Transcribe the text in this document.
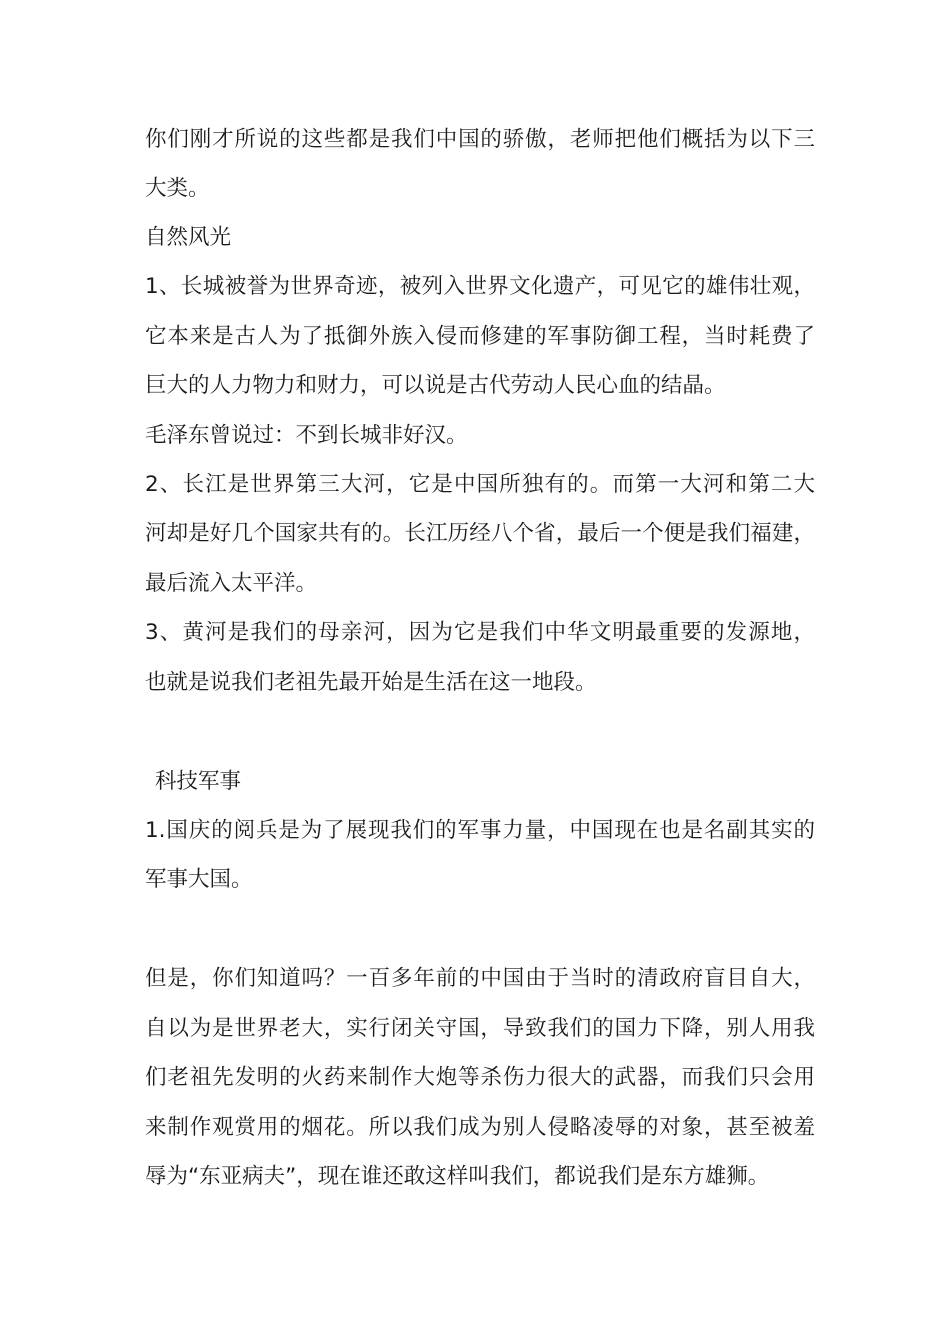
你们刚才所说的这些都是我们中国的骄傲，老师把他们概括为以下三
大类。
自然风光
1、长城被誉为世界奇迹，被列入世界文化遗产，可见它的雄伟壮观，
它本来是古人为了抵御外族入侵而修建的军事防御工程，当时耗费了
巨大的人力物力和财力，可以说是古代劳动人民心血的结晶。
毛泽东曾说过：不到长城非好汉。
2、长江是世界第三大河，它是中国所独有的。而第一大河和第二大
河却是好几个国家共有的。长江历经八个省，最后一个便是我们福建，
最后流入太平洋。
3、黄河是我们的母亲河，因为它是我们中华文明最重要的发源地，
也就是说我们老祖先最开始是生活在这一地段。
科技军事
1.国庆的阅兵是为了展现我们的军事力量，中国现在也是名副其实的
军事大国。
但是，你们知道吗？一百多年前的中国由于当时的清政府盲目自大，
自以为是世界老大，实行闭关守国，导致我们的国力下降，别人用我
们老祖先发明的火药来制作大炮等杀伤力很大的武器，而我们只会用
来制作观赏用的烟花。所以我们成为别人侵略凌辱的对象，甚至被羞
辱为“东亚病夫”，现在谁还敢这样叫我们，都说我们是东方雄狮。
